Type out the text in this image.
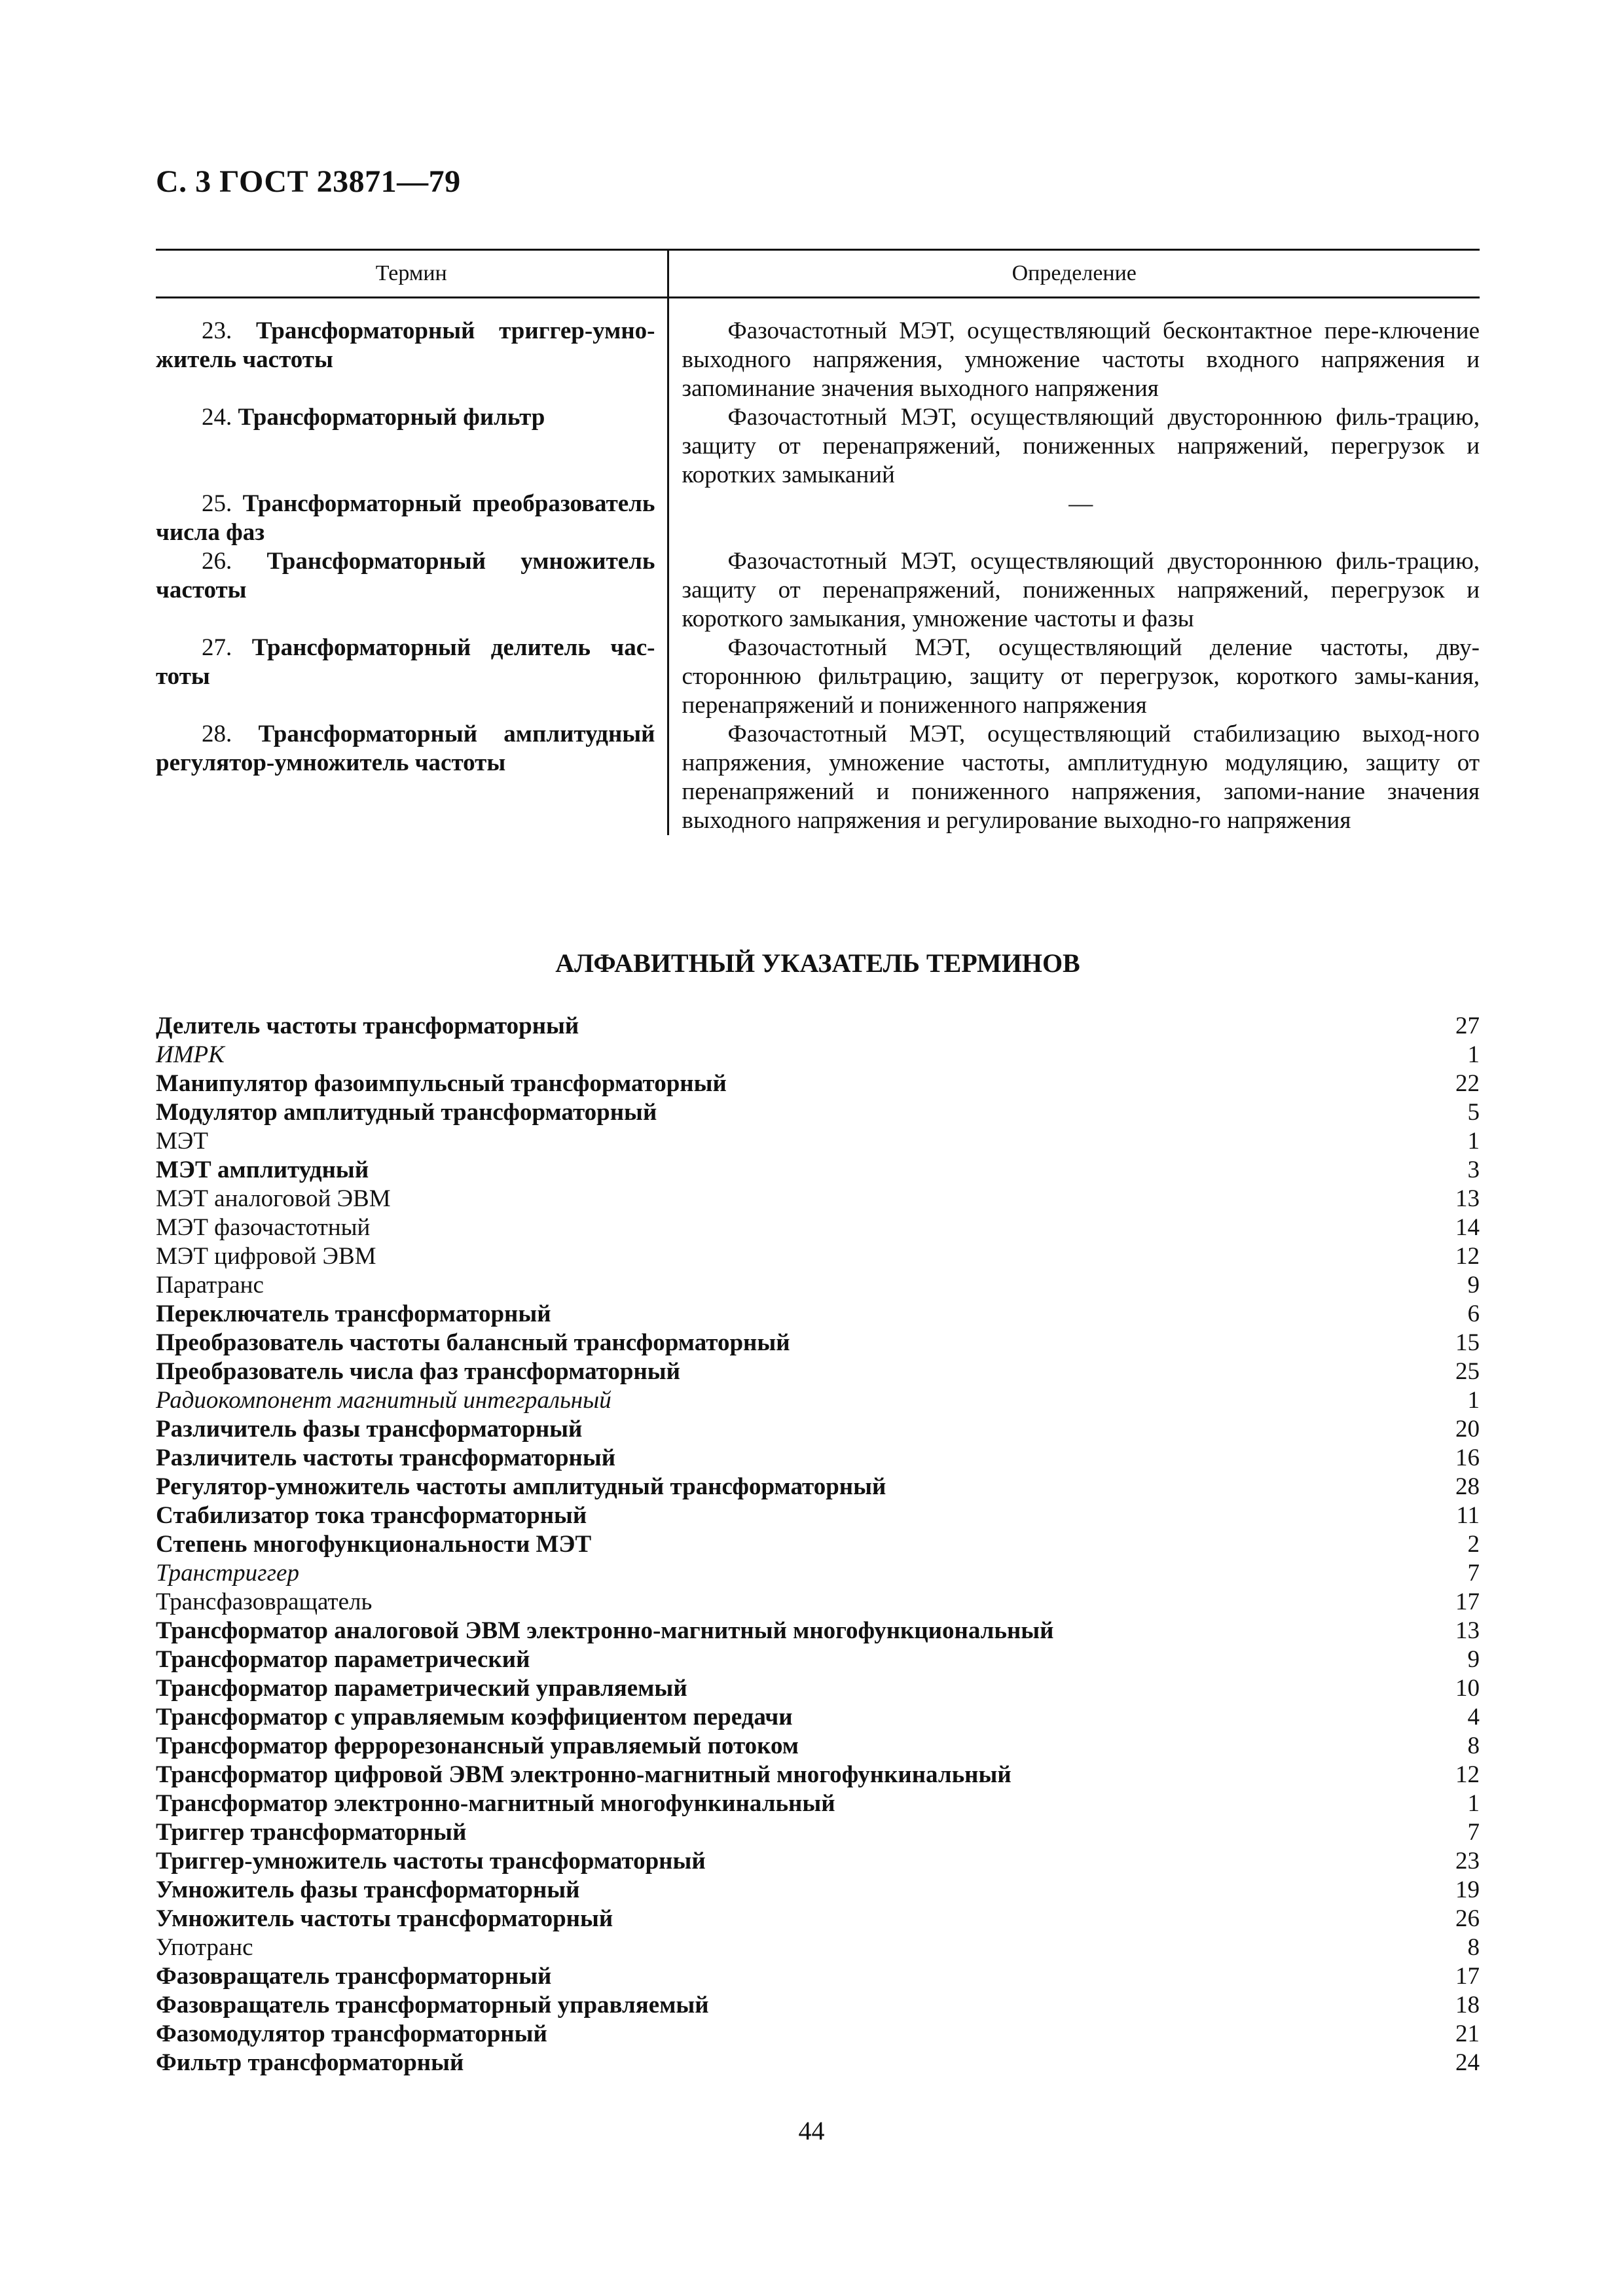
С. 3 ГОСТ 23871—79
Термин	Определение

23. Трансформаторный триггер-умно-житель частоты	Фазочастотный МЭТ, осуществляющий бесконтактное пере-ключение выходного напряжения, умножение частоты входного напряжения и запоминание значения выходного напряжения
24. Трансформаторный фильтр	Фазочастотный МЭТ, осуществляющий двустороннюю филь-трацию, защиту от перенапряжений, пониженных напряжений, перегрузок и коротких замыканий
25. Трансформаторный преобразователь числа фаз	—
26. Трансформаторный умножитель частоты	Фазочастотный МЭТ, осуществляющий двустороннюю филь-трацию, защиту от перенапряжений, пониженных напряжений, перегрузок и короткого замыкания, умножение частоты и фазы
27. Трансформаторный делитель час-тоты	Фазочастотный МЭТ, осуществляющий деление частоты, дву-стороннюю фильтрацию, защиту от перегрузок, короткого замы-кания, перенапряжений и пониженного напряжения
28. Трансформаторный амплитудный регулятор-умножитель частоты	Фазочастотный МЭТ, осуществляющий стабилизацию выход-ного напряжения, умножение частоты, амплитудную модуляцию, защиту от перенапряжений и пониженного напряжения, запоми-нание значения выходного напряжения и регулирование выходно-го напряжения
АЛФАВИТНЫЙ УКАЗАТЕЛЬ ТЕРМИНОВ
Делитель частоты трансформаторный	27
ИМРК	1
Манипулятор фазоимпульсный трансформаторный	22
Модулятор амплитудный трансформаторный	5
МЭТ	1
МЭТ амплитудный	3
МЭТ аналоговой ЭВМ	13
МЭТ фазочастотный	14
МЭТ цифровой ЭВМ	12
Паратранс	9
Переключатель трансформаторный	6
Преобразователь частоты балансный трансформаторный	15
Преобразователь числа фаз трансформаторный	25
Радиокомпонент магнитный интегральный	1
Различитель фазы трансформаторный	20
Различитель частоты трансформаторный	16
Регулятор-умножитель частоты амплитудный трансформаторный	28
Стабилизатор тока трансформаторный	11
Степень многофункциональности МЭТ	2
Транстриггер	7
Трансфазовращатель	17
Трансформатор аналоговой ЭВМ электронно-магнитный многофункциональный	13
Трансформатор параметрический	9
Трансформатор параметрический управляемый	10
Трансформатор с управляемым коэффициентом передачи	4
Трансформатор феррорезонансный управляемый потоком	8
Трансформатор цифровой ЭВМ электронно-магнитный многофункинальный	12
Трансформатор электронно-магнитный многофункинальный	1
Триггер трансформаторный	7
Триггер-умножитель частоты трансформаторный	23
Умножитель фазы трансформаторный	19
Умножитель частоты трансформаторный	26
Употранс	8
Фазовращатель трансформаторный	17
Фазовращатель трансформаторный управляемый	18
Фазомодулятор трансформаторный	21
Фильтр трансформаторный	24
44
